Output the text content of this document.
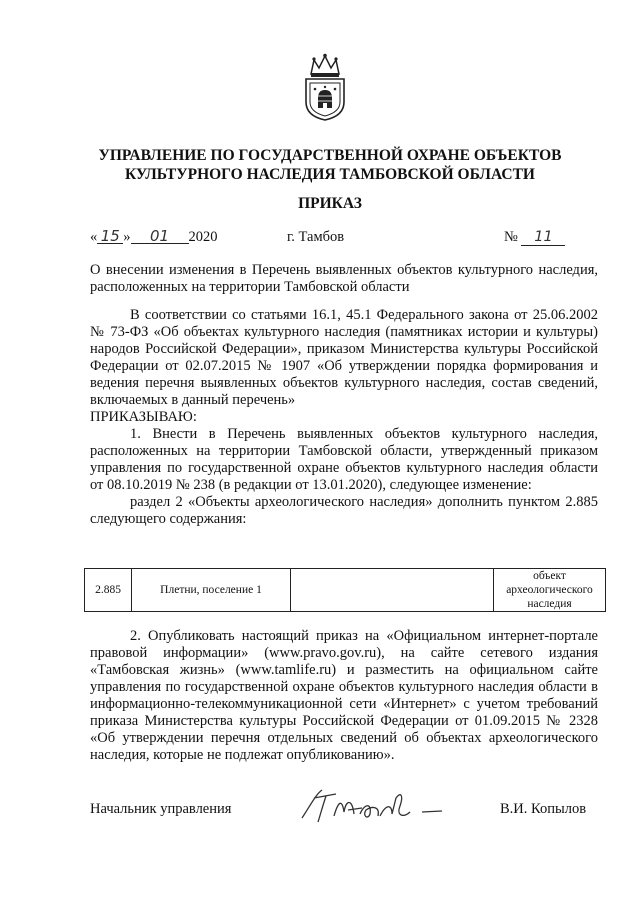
УПРАВЛЕНИЕ ПО ГОСУДАРСТВЕННОЙ ОХРАНЕ ОБЪЕКТОВ
КУЛЬТУРНОГО НАСЛЕДИЯ ТАМБОВСКОЙ ОБЛАСТИ
ПРИКАЗ
« 15 » 01 2020	г. Тамбов	№ 11
О внесении изменения в Перечень выявленных объектов культурного наследия, расположенных на территории Тамбовской области

В соответствии со статьями 16.1, 45.1 Федерального закона от 25.06.2002 № 73-ФЗ «Об объектах культурного наследия (памятниках истории и культуры) народов Российской Федерации», приказом Министерства культуры Российской Федерации от 02.07.2015 № 1907 «Об утверждении порядка формирования и ведения перечня выявленных объектов культурного наследия, состав сведений, включаемых в данный перечень»

ПРИКАЗЫВАЮ:

1. Внести в Перечень выявленных объектов культурного наследия, расположенных на территории Тамбовской области, утвержденный приказом управления по государственной охране объектов культурного наследия области от 08.10.2019 № 238 (в редакции от 13.01.2020), следующее изменение:

раздел 2 «Объекты археологического наследия» дополнить пунктом 2.885 следующего содержания:

2.885	Плетни, поселение 1		объект археологического наследия

2. Опубликовать настоящий приказ на «Официальном интернет-портале правовой информации» (www.pravo.gov.ru), на сайте сетевого издания «Тамбовская жизнь» (www.tamlife.ru) и разместить на официальном сайте управления по государственной охране объектов культурного наследия области в информационно-телекоммуникационной сети «Интернет» с учетом требований приказа Министерства культуры Российской Федерации от 01.09.2015 № 2328 «Об утверждении перечня отдельных сведений об объектах археологического наследия, которые не подлежат опубликованию».

Начальник управления	В.И. Копылов
